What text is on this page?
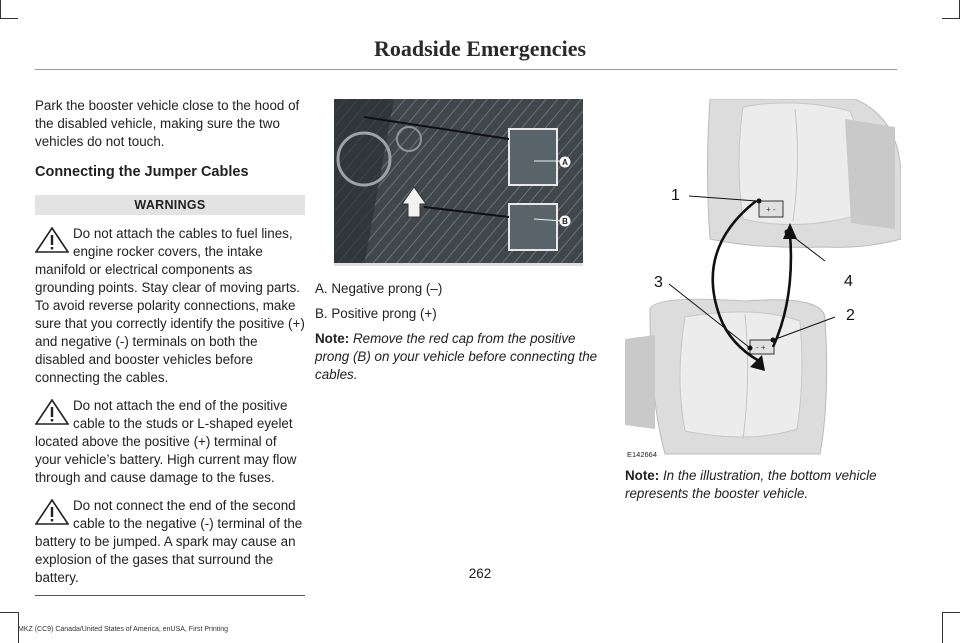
Roadside Emergencies

Park the booster vehicle close to the hood of the disabled vehicle, making sure the two vehicles do not touch.

Connecting the Jumper Cables

WARNINGS

Do not attach the cables to fuel lines, engine rocker covers, the intake manifold or electrical components as grounding points. Stay clear of moving parts. To avoid reverse polarity connections, make sure that you correctly identify the positive (+) and negative (-) terminals on both the disabled and booster vehicles before connecting the cables.

Do not attach the end of the positive cable to the studs or L-shaped eyelet located above the positive (+) terminal of your vehicle’s battery. High current may flow through and cause damage to the fuses.

Do not connect the end of the second cable to the negative (-) terminal of the battery to be jumped. A spark may cause an explosion of the gases that surround the battery.

A
B

A. Negative prong (–)

B. Positive prong (+)

Note: Remove the red cap from the positive prong (B) on your vehicle before connecting the cables.

+ -
- +
1
2
3	4
E142664

Note: In the illustration, the bottom vehicle represents the booster vehicle.

262
MKZ (CC9) Canada/United States of America, enUSA, First Printing
